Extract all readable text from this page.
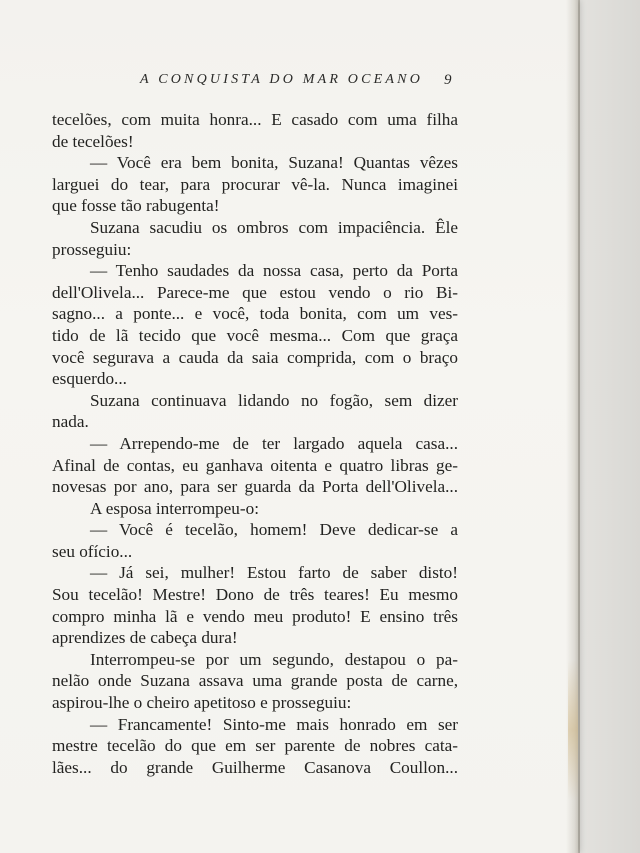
A CONQUISTA DO MAR OCEANO	9
tecelões, com muita honra... E casado com uma filha
de tecelões!
— Você era bem bonita, Suzana! Quantas vêzes
larguei do tear, para procurar vê-la. Nunca imaginei
que fosse tão rabugenta!
Suzana sacudiu os ombros com impaciência. Êle
prosseguiu:
— Tenho saudades da nossa casa, perto da Porta
dell'Olivela... Parece-me que estou vendo o rio Bi-
sagno... a ponte... e você, toda bonita, com um ves-
tido de lã tecido que você mesma... Com que graça
você segurava a cauda da saia comprida, com o braço
esquerdo...
Suzana continuava lidando no fogão, sem dizer
nada.
— Arrependo-me de ter largado aquela casa...
Afinal de contas, eu ganhava oitenta e quatro libras ge-
novesas por ano, para ser guarda da Porta dell'Olivela...
A esposa interrompeu-o:
— Você é tecelão, homem! Deve dedicar-se a
seu ofício...
— Já sei, mulher! Estou farto de saber disto!
Sou tecelão! Mestre! Dono de três teares! Eu mesmo
compro minha lã e vendo meu produto! E ensino três
aprendizes de cabeça dura!
Interrompeu-se por um segundo, destapou o pa-
nelão onde Suzana assava uma grande posta de carne,
aspirou-lhe o cheiro apetitoso e prosseguiu:
— Francamente! Sinto-me mais honrado em ser
mestre tecelão do que em ser parente de nobres cata-
lães... do grande Guilherme Casanova Coullon...
